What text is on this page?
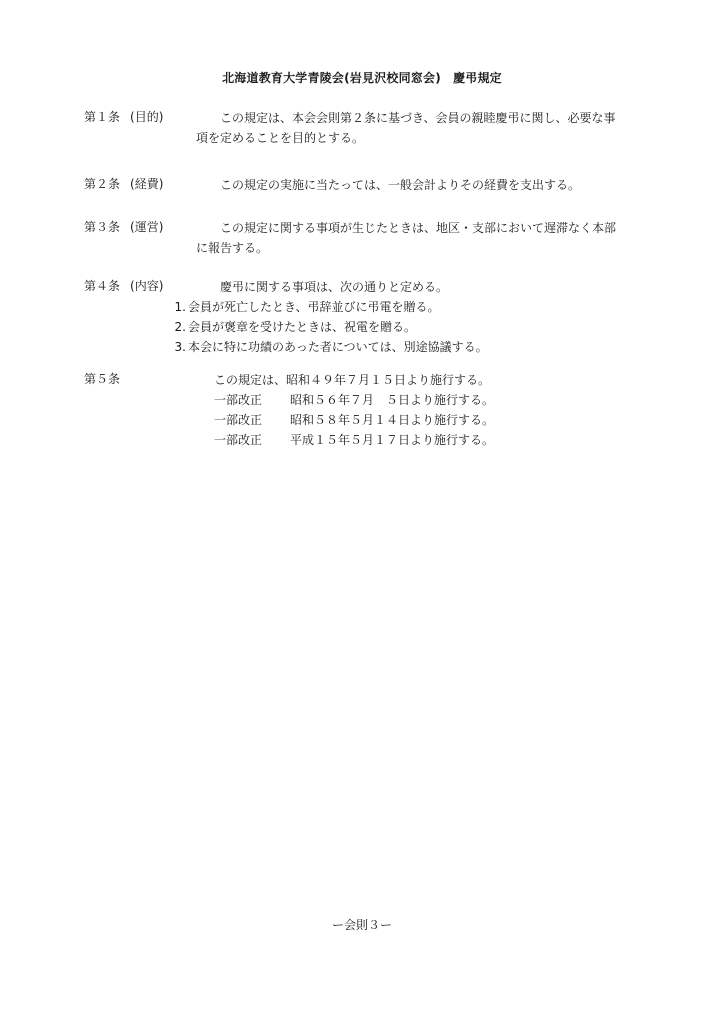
北海道教育大学青陵会(岩見沢校同窓会)　慶弔規定
第１条 (目的)	この規定は、本会会則第２条に基づき、会員の親睦慶弔に関し、必要な事
項を定めることを目的とする。
第２条 (経費)	この規定の実施に当たっては、一般会計よりその経費を支出する。
第３条 (運営)	この規定に関する事項が生じたときは、地区・支部において遅滞なく本部
に報告する。
第４条 (内容)	慶弔に関する事項は、次の通りと定める。
1. 会員が死亡したとき、弔辞並びに弔電を贈る。
2. 会員が褒章を受けたときは、祝電を贈る。
3. 本会に特に功績のあった者については、別途協議する。
第５条	この規定は、昭和４９年７月１５日より施行する。
一部改正 昭和５６年７月　５日より施行する。
一部改正 昭和５８年５月１４日より施行する。
一部改正 平成１５年５月１７日より施行する。
ー会則３ー
